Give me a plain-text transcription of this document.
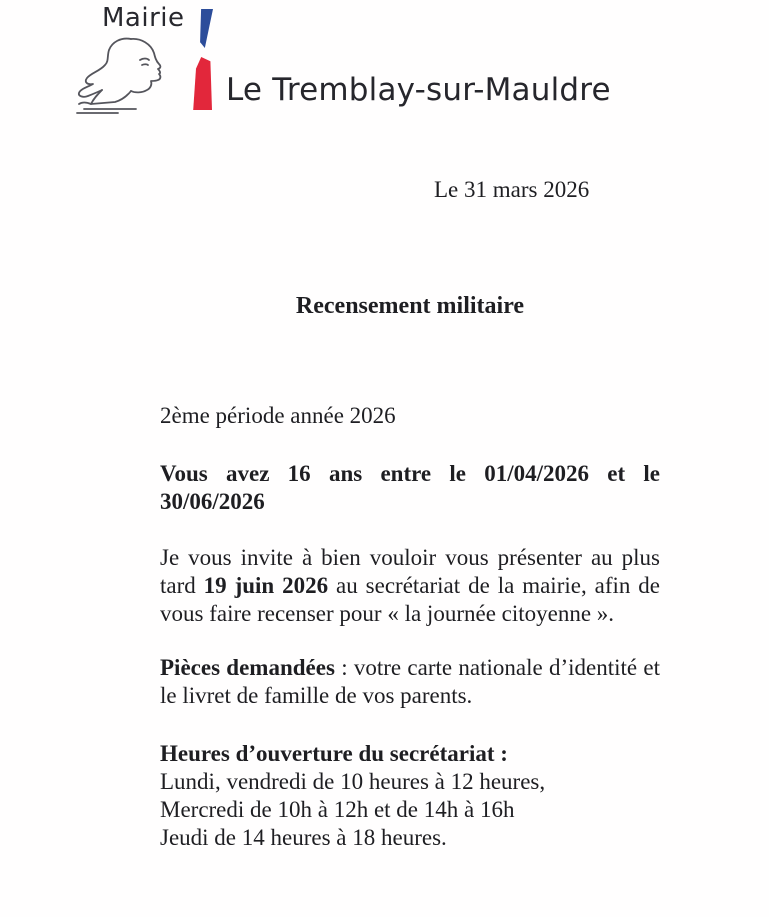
Mairie
Le Tremblay-sur-Mauldre

Le 31 mars 2026

Recensement militaire

2ème période année 2026

Vous avez 16 ans entre le 01/04/2026 et le 30/06/2026

Je vous invite à bien vouloir vous présenter au plus tard 19 juin 2026 au secrétariat de la mairie, afin de vous faire recenser pour « la journée citoyenne ».

Pièces demandées : votre carte nationale d’identité et le livret de famille de vos parents.

Heures d’ouverture du secrétariat :

Lundi, vendredi de 10 heures à 12 heures,

Mercredi de 10h à 12h et de 14h à 16h

Jeudi de 14 heures à 18 heures.
